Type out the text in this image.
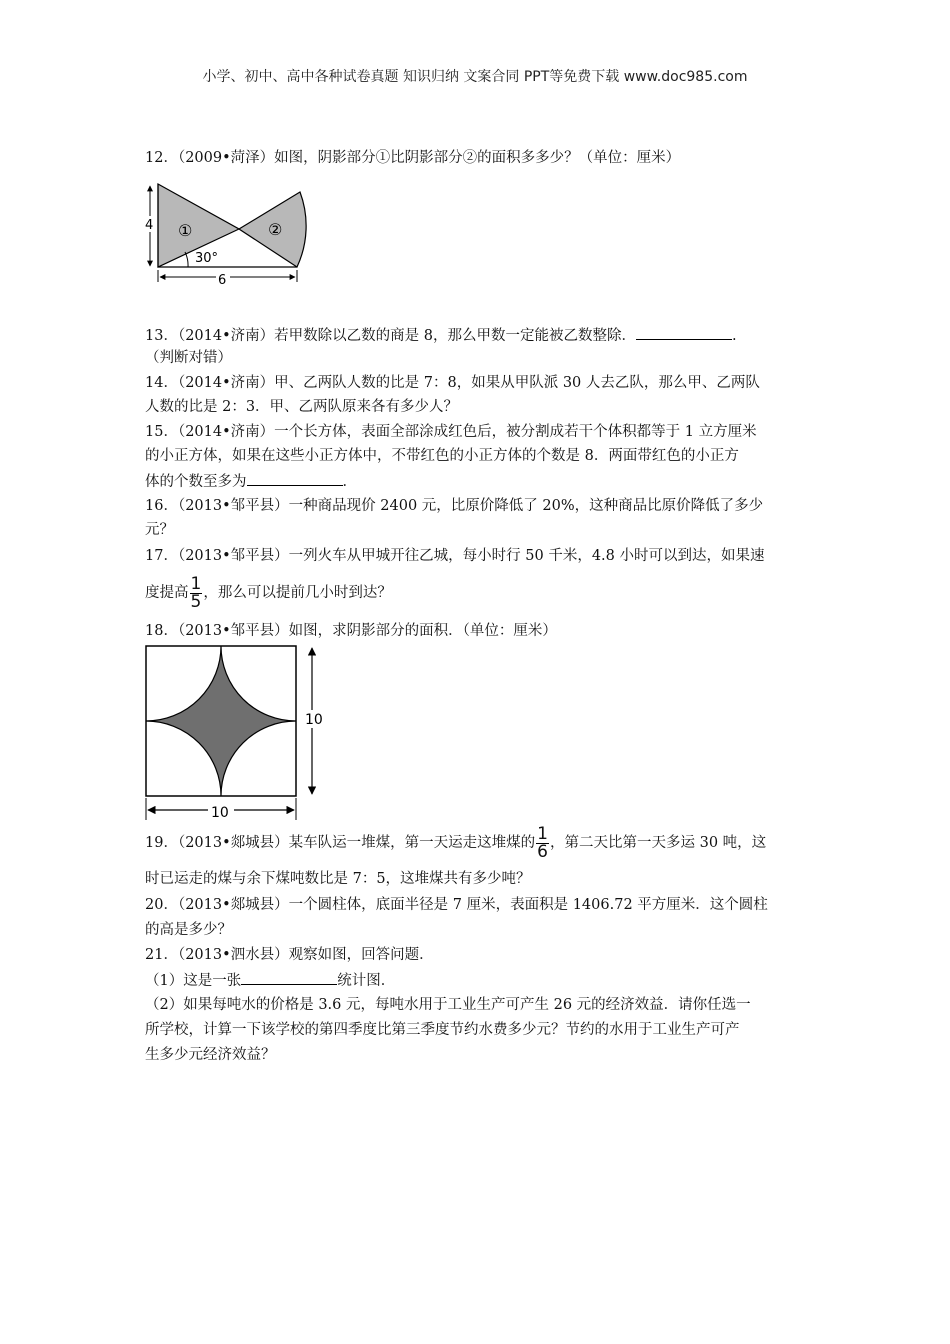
小学、初中、高中各种试卷真题 知识归纳 文案合同 PPT等免费下载 www.doc985.com
12．（2009•菏泽）如图，阴影部分①比阴影部分②的面积多多少？（单位：厘米）
30°
①	②
4
6
13．（2014•济南）若甲数除以乙数的商是 8，那么甲数一定能被乙数整除．	.
（判断对错）
14．（2014•济南）甲、乙两队人数的比是 7：8，如果从甲队派 30 人去乙队，那么甲、乙两队
人数的比是 2：3．甲、乙两队原来各有多少人？
15．（2014•济南）一个长方体，表面全部涂成红色后，被分割成若干个体积都等于 1 立方厘米
的小正方体，如果在这些小正方体中，不带红色的小正方体的个数是 8．两面带红色的小正方
体的个数至多为	．
16．（2013•邹平县）一种商品现价 2400 元，比原价降低了 20%，这种商品比原价降低了多少
元？
17．（2013•邹平县）一列火车从甲城开往乙城，每小时行 50 千米，4.8 小时可以到达，如果速
度提高 $\frac{1}{5}$ ，那么可以提前几小时到达？
18．（2013•邹平县）如图，求阴影部分的面积．（单位：厘米）
10
10
19．（2013•郯城县）某车队运一堆煤，第一天运走这堆煤的 $\frac{1}{6}$ ，第二天比第一天多运 30 吨，这
时已运走的煤与余下煤吨数比是 7：5，这堆煤共有多少吨？
20．（2013•郯城县）一个圆柱体，底面半径是 7 厘米，表面积是 1406.72 平方厘米．这个圆柱
的高是多少？
21．（2013•泗水县）观察如图，回答问题．
（1）这是一张	统计图．
（2）如果每吨水的价格是 3.6 元，每吨水用于工业生产可产生 26 元的经济效益．请你任选一
所学校，计算一下该学校的第四季度比第三季度节约水费多少元？节约的水用于工业生产可产
生多少元经济效益？
